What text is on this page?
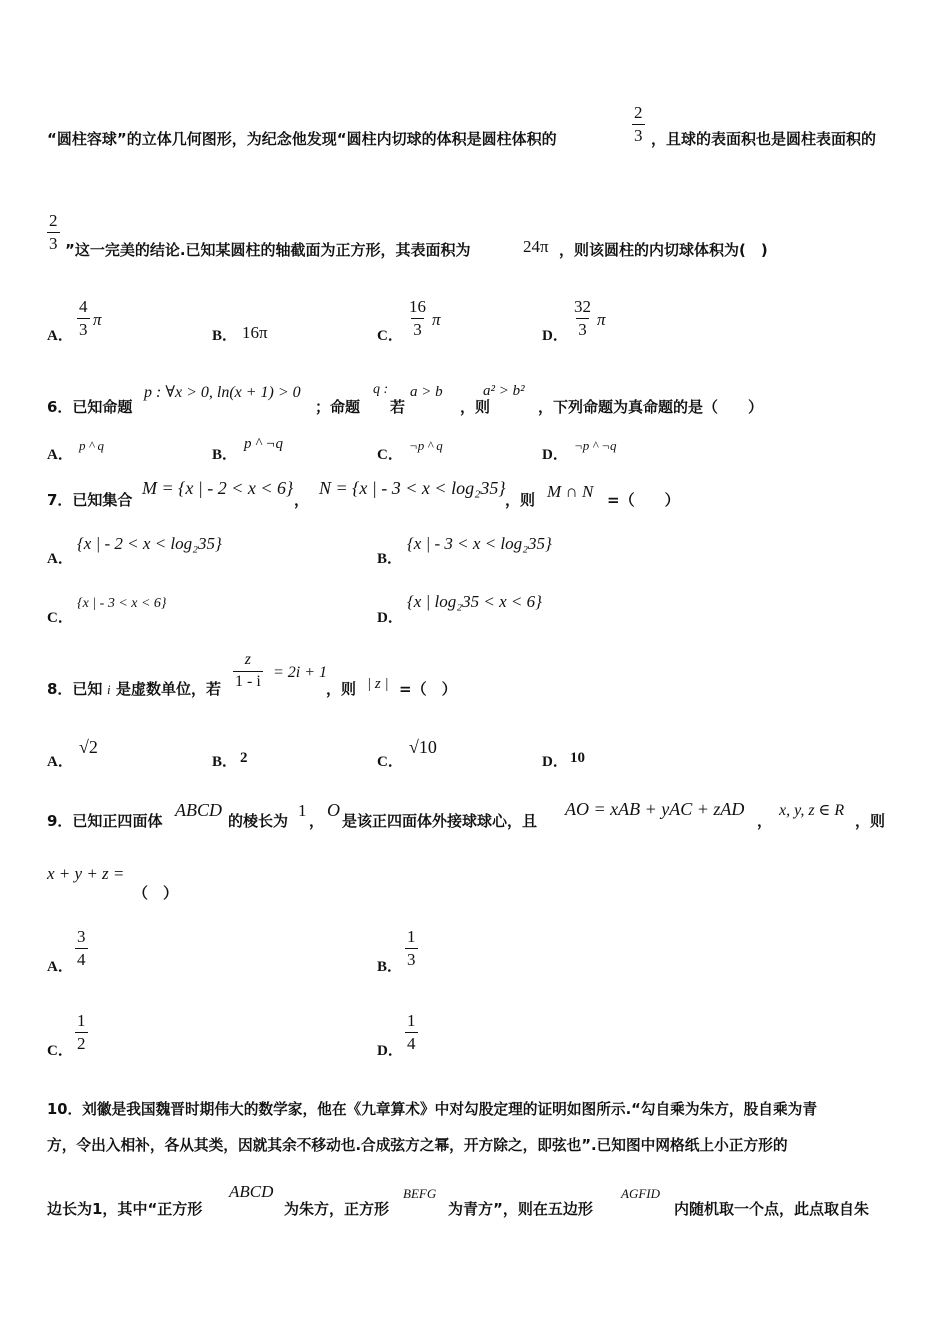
“圆柱容球”的立体几何图形，为纪念他发现“圆柱内切球的体积是圆柱体积的	$\frac{2}{3}$ ，且球的表面积也是圆柱表面积的
$\frac{2}{3}$ ”这一完美的结论.已知某圆柱的轴截面为正方形，其表面积为	24π ，则该圆柱的内切球体积为(　)
A． $\frac{4}{3}$ π
B． 16π	C． $\frac{16}{3}$ π
D． $\frac{32}{3}$ π
6．已知命题
p : ∀x > 0, ln(x + 1) > 0
；命题
q :
若
a > b
，则
a² > b²
，下列命题为真命题的是（　　）
A．
p ^ q
B．
p ^ ¬q
C．
¬p ^ q
D．
¬p ^ ¬q
7．已知集合
M = {x | - 2 < x < 6}
，
N = {x | - 3 < x < log₂35}
，则 M ∩ N =（　　）
A．
{x | - 2 < x < log₂35}
B．
{x | - 3 < x < log₂35}
C．
{x | - 3 < x < 6}
D．
{x | log₂35 < x < 6}
8．已知 i 是虚数单位，若 $\frac{z}{1 - i} = 2i + 1$
，则 | z | =（　）
A．
√2
B． 2	C．
√10
D． 10
9．已知正四面体
ABCD
的棱长为
1
，
O
是该正四面体外接球球心，且
AO = xAB + yAC + zAD
，
x, y, z ∈ R
，则
x + y + z =
（　）
A． $\frac{3}{4}$	B． $\frac{1}{3}$
C． $\frac{1}{2}$	D． $\frac{1}{4}$
10．刘徽是我国魏晋时期伟大的数学家，他在《九章算术》中对勾股定理的证明如图所示.“勾自乘为朱方，股自乘为青
方，令出入相补，各从其类，因就其余不移动也.合成弦方之幂，开方除之，即弦也”.已知图中网格纸上小正方形的
边长为1，其中“正方形
ABCD
为朱方，正方形
BEFG
为青方”，则在五边形
AGFID
内随机取一个点，此点取自朱
